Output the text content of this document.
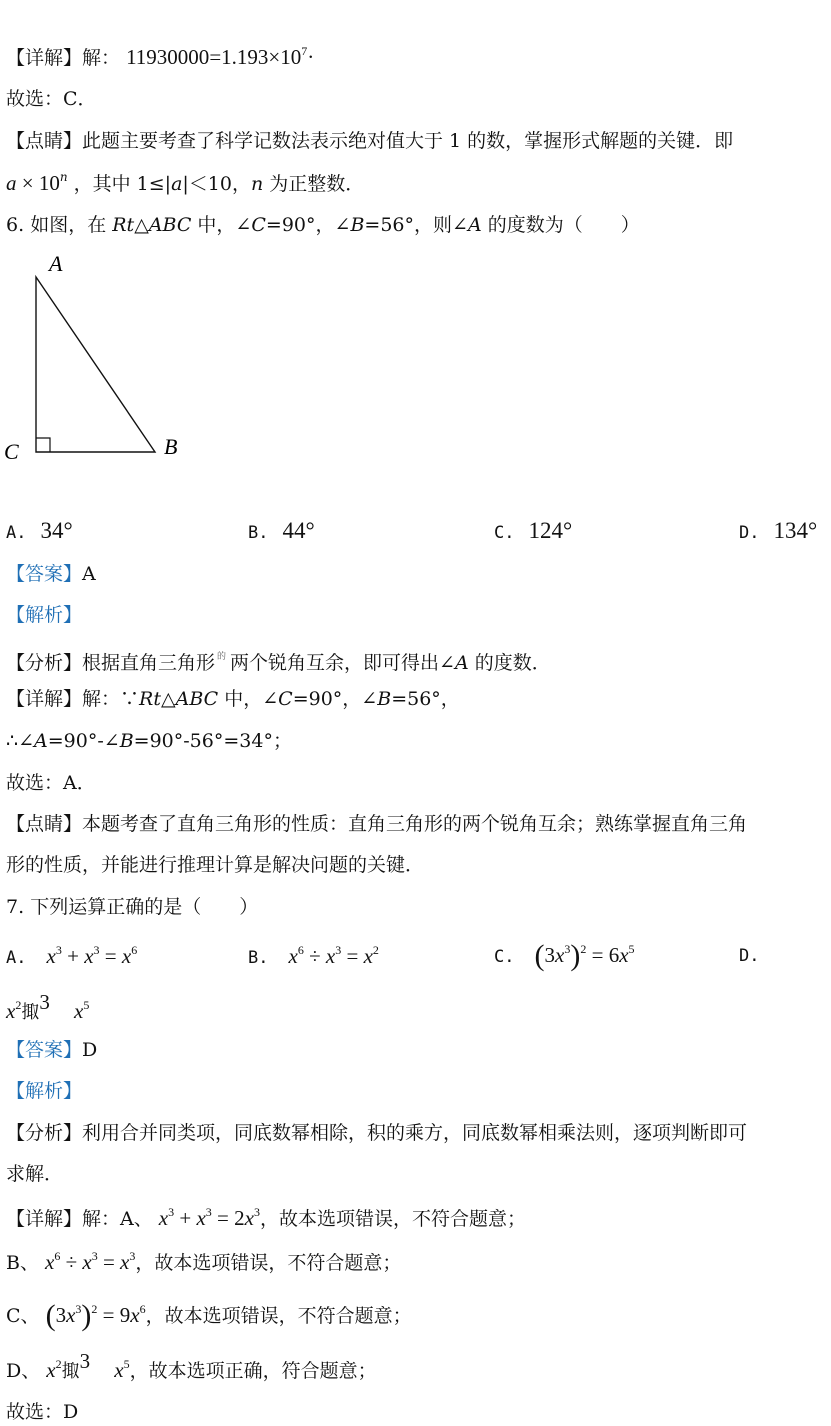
【详解】解： $11930000=1.193\times 10^7\cdot$
故选：C．
【点睛】此题主要考查了科学记数法表示绝对值大于 1 的数，掌握形式解题的关键．即
$a \times 10^n$ ，其中 1≤|a|＜10，n 为正整数．
6. 如图，在 Rt△ABC 中，∠C=90°，∠B=56°，则∠A 的度数为（　　）
A
B
C
A. 34°	B. 44°	C. 124°	D. 134°
【答案】A
【解析】
【分析】根据直角三角形 $^的$ 两个锐角互余，即可得出∠A 的度数．
【详解】解：∵Rt△ABC 中，∠C=90°，∠B=56°，
∴∠A=90°-∠B=90°-56°=34°；
故选：A．
【点睛】本题考查了直角三角形的性质：直角三角形的两个锐角互余；熟练掌握直角三角
形的性质，并能进行推理计算是解决问题的关键．
7. 下列运算正确的是（　　）
A. $x^3 + x^3 = x^6$	B. $x^6 \div x^3 = x^2$	C. $(3x^3)^2 = 6x^5$	D.
$x^2$掫$^3$ $x^5$
【答案】D
【解析】
【分析】利用合并同类项，同底数幂相除，积的乘方，同底数幂相乘法则，逐项判断即可
求解．
【详解】解：A、 $x^3 + x^3 = 2x^3$，故本选项错误，不符合题意；
B、 $x^6 \div x^3 = x^3$，故本选项错误，不符合题意；
C、 $(3x^3)^2 = 9x^6$，故本选项错误，不符合题意；
D、 $x^2$掫$^3$ $x^5$，故本选项正确，符合题意；
故选：D
